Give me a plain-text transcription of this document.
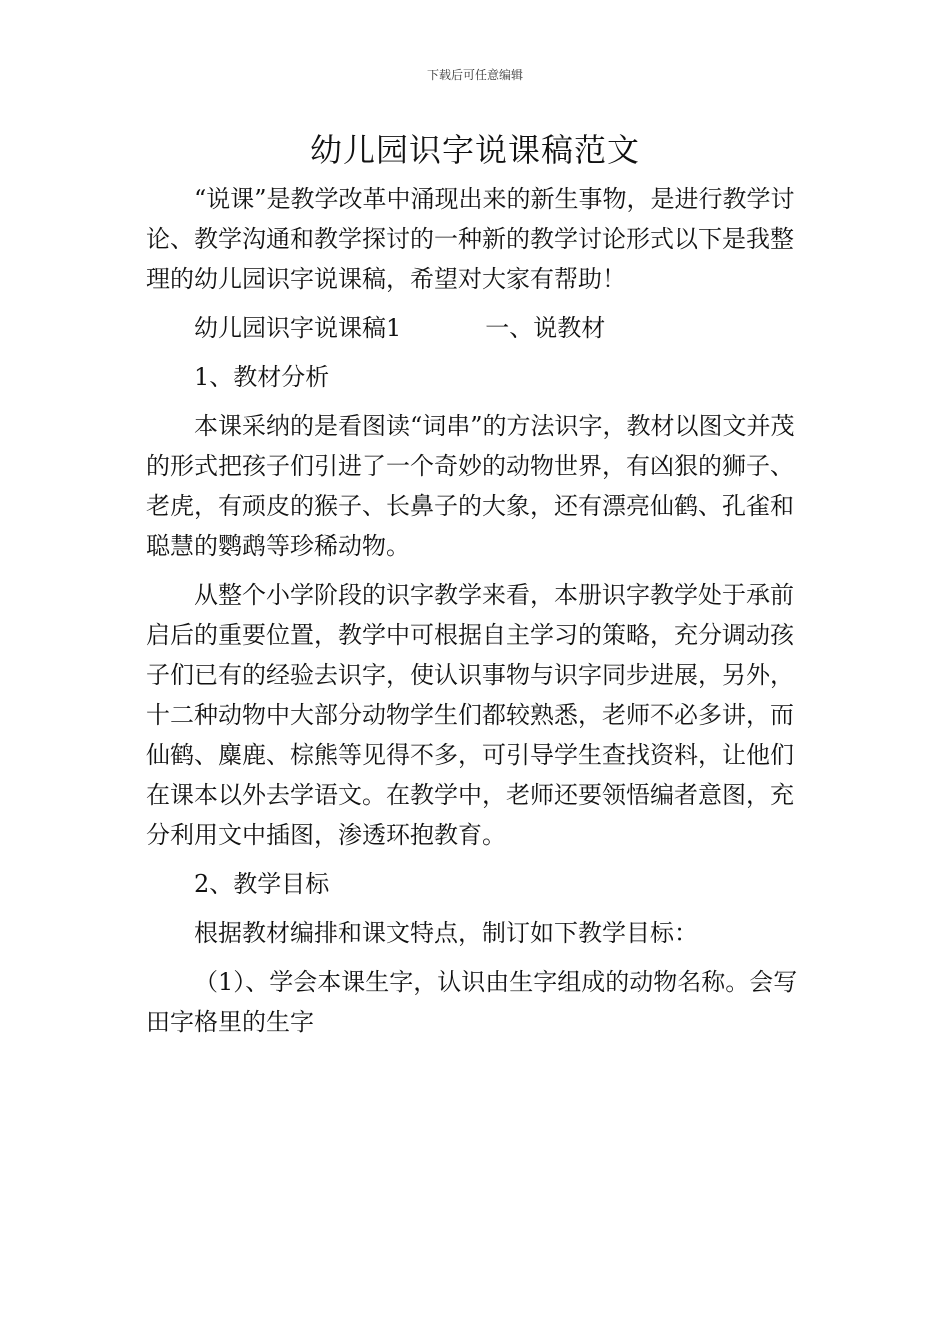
下载后可任意编辑
幼儿园识字说课稿范文

“说课”是教学改革中涌现出来的新生事物，是进行教学讨论、教学沟通和教学探讨的一种新的教学讨论形式以下是我整理的幼儿园识字说课稿，希望对大家有帮助！

幼儿园识字说课稿1	一、说教材

1、教材分析

本课采纳的是看图读“词串”的方法识字，教材以图文并茂的形式把孩子们引进了一个奇妙的动物世界，有凶狠的狮子、老虎，有顽皮的猴子、长鼻子的大象，还有漂亮仙鹤、孔雀和聪慧的鹦鹉等珍稀动物。

从整个小学阶段的识字教学来看，本册识字教学处于承前启后的重要位置，教学中可根据自主学习的策略，充分调动孩子们已有的经验去识字，使认识事物与识字同步进展，另外，十二种动物中大部分动物学生们都较熟悉，老师不必多讲，而仙鹤、麋鹿、棕熊等见得不多，可引导学生查找资料，让他们在课本以外去学语文。在教学中，老师还要领悟编者意图，充分利用文中插图，渗透环抱教育。

2、教学目标

根据教材编排和课文特点，制订如下教学目标：

（1）、学会本课生字，认识由生字组成的动物名称。会写田字格里的生字
